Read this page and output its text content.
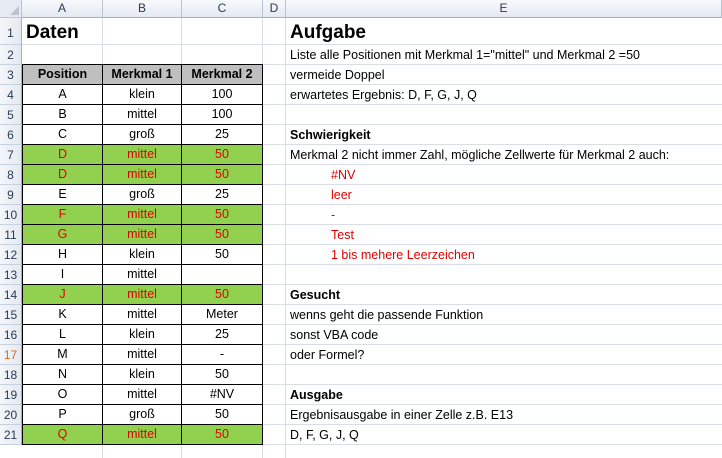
A	B	C	D	E
1
2
3
4
5
6
7
8
9
10
11
12
13
14
15
16
17
18
19
20
21
Daten	Aufgabe
Position	Merkmal 1	Merkmal 2
A	klein	100
B	mittel	100
C	groß	25
D	mittel	50
D	mittel	50
E	groß	25
F	mittel	50
G	mittel	50
H	klein	50
I	mittel
J	mittel	50
K	mittel	Meter
L	klein	25
M	mittel	-
N	klein	50
O	mittel	#NV
P	groß	50
Q	mittel	50
Liste alle Positionen mit Merkmal 1="mittel" und Merkmal 2 =50
vermeide Doppel
erwartetes Ergebnis: D, F, G, J, Q
Schwierigkeit
Merkmal 2 nicht immer Zahl, mögliche Zellwerte für Merkmal 2 auch:
#NV
leer
-
Test
1 bis mehere Leerzeichen
Gesucht
wenns geht die passende Funktion
sonst VBA code
oder Formel?
Ausgabe
Ergebnisausgabe in einer Zelle z.B. E13
D, F, G, J, Q
